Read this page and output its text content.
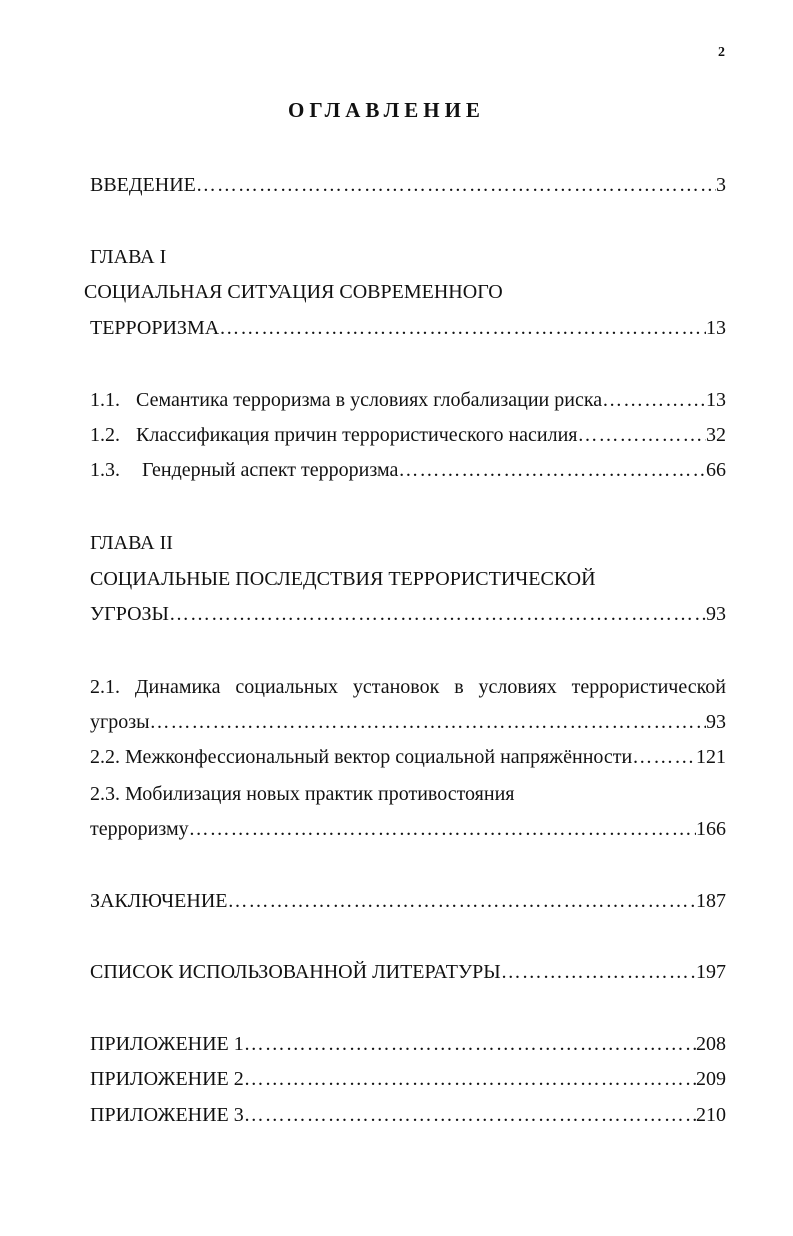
2
ОГЛАВЛЕНИЕ
ВВЕДЕНИЕ ………………………………………………………………………………………………………………………………………………………………	3
ГЛАВА I
СОЦИАЛЬНАЯ СИТУАЦИЯ СОВРЕМЕННОГО
ТЕРРОРИЗМА ………………………………………………………………………………………………………………………………………………………………	13
1.1. Семантика терроризма в условиях глобализации риска ………………………………………………………………………………………………………………………………………………………………	13
1.2. Классификация причин террористического насилия ………………………………………………………………………………………………………………………………………………………………	32
1.3.	Гендерный аспект терроризма ………………………………………………………………………………………………………………………………………………………………	66
ГЛАВА II
СОЦИАЛЬНЫЕ ПОСЛЕДСТВИЯ ТЕРРОРИСТИЧЕСКОЙ
УГРОЗЫ ………………………………………………………………………………………………………………………………………………………………	93
2.1. Динамика социальных установок в условиях террористической
угрозы ………………………………………………………………………………………………………………………………………………………………	93
2.2. Межконфессиональный вектор социальной напряжённости ………………………………………………………………………………………………………………………………………………………………	121
2.3. Мобилизация новых практик противостояния
терроризму ………………………………………………………………………………………………………………………………………………………………	166
ЗАКЛЮЧЕНИЕ ………………………………………………………………………………………………………………………………………………………………	187
СПИСОК ИСПОЛЬЗОВАННОЙ ЛИТЕРАТУРЫ ………………………………………………………………………………………………………………………………………………………………	197
ПРИЛОЖЕНИЕ 1 ………………………………………………………………………………………………………………………………………………………………	208
ПРИЛОЖЕНИЕ 2 ………………………………………………………………………………………………………………………………………………………………	209
ПРИЛОЖЕНИЕ 3 ………………………………………………………………………………………………………………………………………………………………	210
